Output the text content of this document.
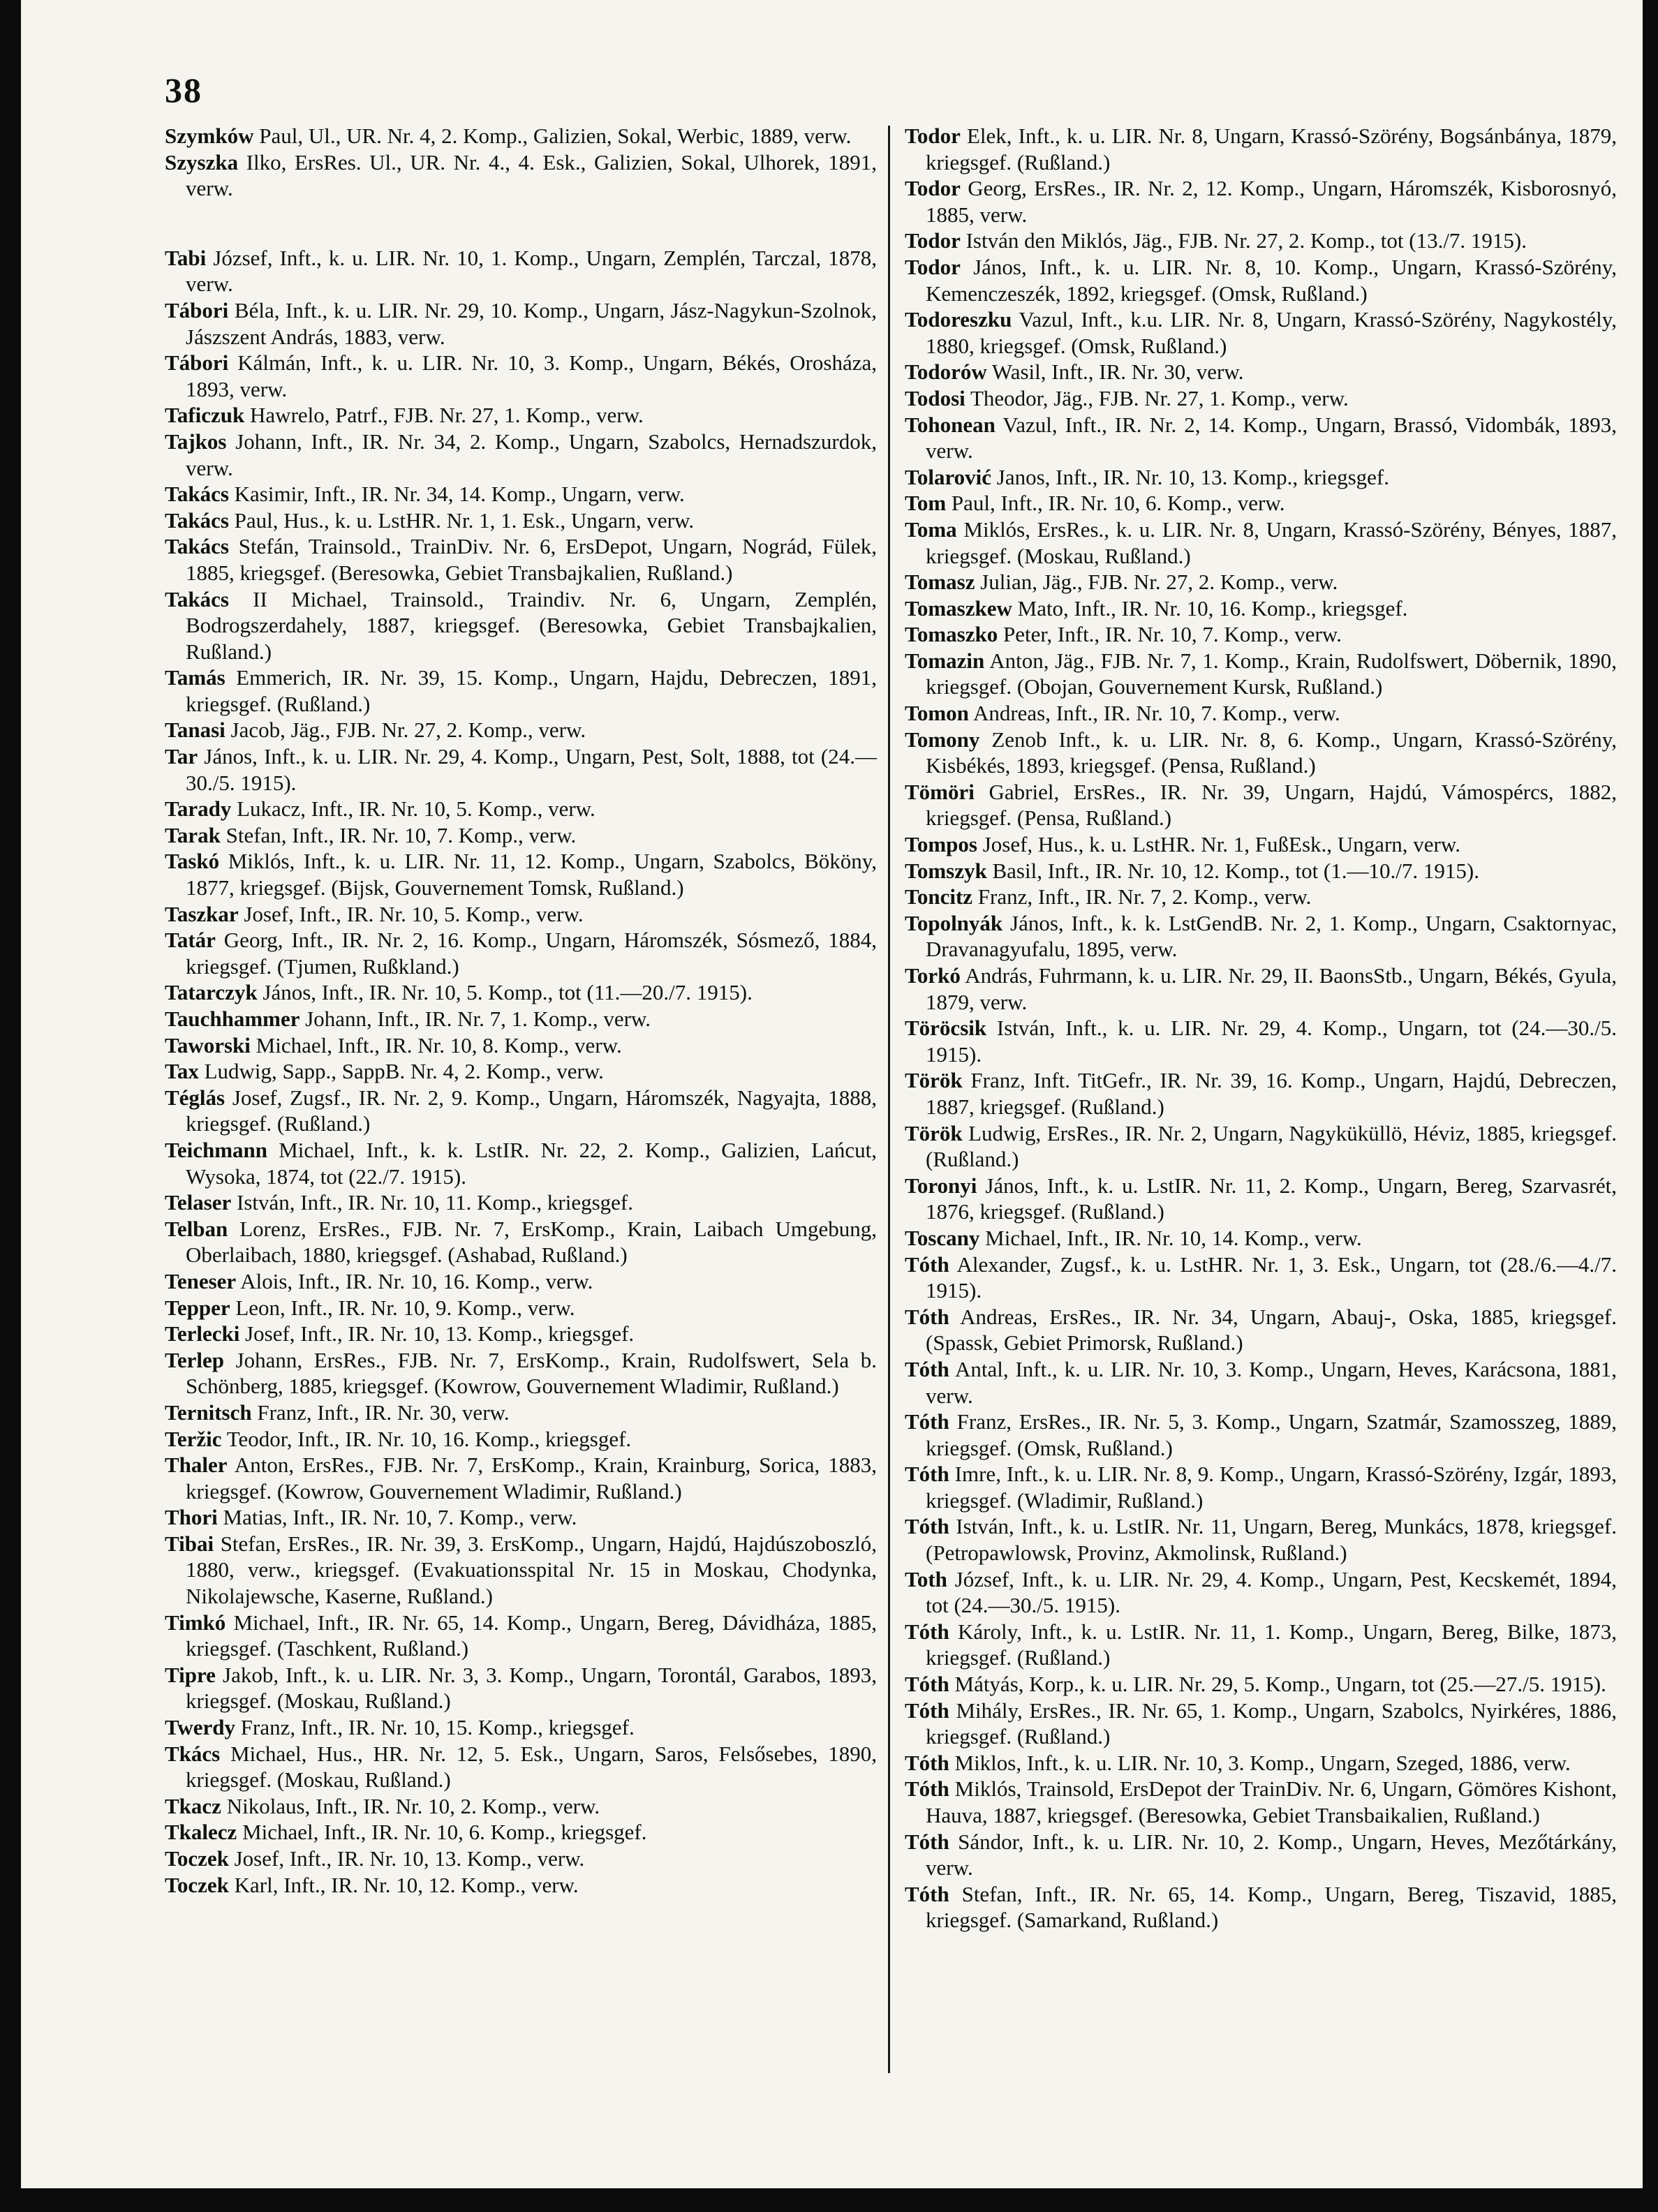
38

Szymków Paul, Ul., UR. Nr. 4, 2. Komp., Galizien, Sokal, Werbic, 1889, verw.

Szyszka Ilko, ErsRes. Ul., UR. Nr. 4., 4. Esk., Galizien, Sokal, Ulhorek, 1891, verw.

Tabi József, Inft., k. u. LIR. Nr. 10, 1. Komp., Ungarn, Zemplén, Tarczal, 1878, verw.

Tábori Béla, Inft., k. u. LIR. Nr. 29, 10. Komp., Ungarn, Jász-Nagykun-Szolnok, Jászszent András, 1883, verw.

Tábori Kálmán, Inft., k. u. LIR. Nr. 10, 3. Komp., Ungarn, Békés, Orosháza, 1893, verw.

Taficzuk Hawrelo, Patrf., FJB. Nr. 27, 1. Komp., verw.

Tajkos Johann, Inft., IR. Nr. 34, 2. Komp., Ungarn, Szabolcs, Hernadszurdok, verw.

Takács Kasimir, Inft., IR. Nr. 34, 14. Komp., Ungarn, verw.

Takács Paul, Hus., k. u. LstHR. Nr. 1, 1. Esk., Ungarn, verw.

Takács Stefán, Trainsold., TrainDiv. Nr. 6, ErsDepot, Ungarn, Nográd, Fülek, 1885, kriegsgef. (Beresowka, Gebiet Transbajkalien, Rußland.)

Takács II Michael, Trainsold., Traindiv. Nr. 6, Ungarn, Zemplén, Bodrogszerdahely, 1887, kriegsgef. (Beresowka, Gebiet Transbajkalien, Rußland.)

Tamás Emmerich, IR. Nr. 39, 15. Komp., Ungarn, Hajdu, Debreczen, 1891, kriegsgef. (Rußland.)

Tanasi Jacob, Jäg., FJB. Nr. 27, 2. Komp., verw.

Tar János, Inft., k. u. LIR. Nr. 29, 4. Komp., Ungarn, Pest, Solt, 1888, tot (24.—30./5. 1915).

Tarady Lukacz, Inft., IR. Nr. 10, 5. Komp., verw.

Tarak Stefan, Inft., IR. Nr. 10, 7. Komp., verw.

Taskó Miklós, Inft., k. u. LIR. Nr. 11, 12. Komp., Ungarn, Szabolcs, Bököny, 1877, kriegsgef. (Bijsk, Gouvernement Tomsk, Rußland.)

Taszkar Josef, Inft., IR. Nr. 10, 5. Komp., verw.

Tatár Georg, Inft., IR. Nr. 2, 16. Komp., Ungarn, Háromszék, Sósmező, 1884, kriegsgef. (Tjumen, Rußkland.)

Tatarczyk János, Inft., IR. Nr. 10, 5. Komp., tot (11.—20./7. 1915).

Tauchhammer Johann, Inft., IR. Nr. 7, 1. Komp., verw.

Taworski Michael, Inft., IR. Nr. 10, 8. Komp., verw.

Tax Ludwig, Sapp., SappB. Nr. 4, 2. Komp., verw.

Téglás Josef, Zugsf., IR. Nr. 2, 9. Komp., Ungarn, Háromszék, Nagyajta, 1888, kriegsgef. (Rußland.)

Teichmann Michael, Inft., k. k. LstIR. Nr. 22, 2. Komp., Galizien, Lańcut, Wysoka, 1874, tot (22./7. 1915).

Telaser István, Inft., IR. Nr. 10, 11. Komp., kriegsgef.

Telban Lorenz, ErsRes., FJB. Nr. 7, ErsKomp., Krain, Laibach Umgebung, Oberlaibach, 1880, kriegsgef. (Ashabad, Rußland.)

Teneser Alois, Inft., IR. Nr. 10, 16. Komp., verw.

Tepper Leon, Inft., IR. Nr. 10, 9. Komp., verw.

Terlecki Josef, Inft., IR. Nr. 10, 13. Komp., kriegsgef.

Terlep Johann, ErsRes., FJB. Nr. 7, ErsKomp., Krain, Rudolfswert, Sela b. Schönberg, 1885, kriegsgef. (Kowrow, Gouvernement Wladimir, Rußland.)

Ternitsch Franz, Inft., IR. Nr. 30, verw.

Teržic Teodor, Inft., IR. Nr. 10, 16. Komp., kriegsgef.

Thaler Anton, ErsRes., FJB. Nr. 7, ErsKomp., Krain, Krainburg, Sorica, 1883, kriegsgef. (Kowrow, Gouvernement Wladimir, Rußland.)

Thori Matias, Inft., IR. Nr. 10, 7. Komp., verw.

Tibai Stefan, ErsRes., IR. Nr. 39, 3. ErsKomp., Ungarn, Hajdú, Hajdúszoboszló, 1880, verw., kriegsgef. (Evakuationsspital Nr. 15 in Moskau, Chodynka, Nikolajewsche, Kaserne, Rußland.)

Timkó Michael, Inft., IR. Nr. 65, 14. Komp., Ungarn, Bereg, Dávidháza, 1885, kriegsgef. (Taschkent, Rußland.)

Tipre Jakob, Inft., k. u. LIR. Nr. 3, 3. Komp., Ungarn, Torontál, Garabos, 1893, kriegsgef. (Moskau, Rußland.)

Twerdy Franz, Inft., IR. Nr. 10, 15. Komp., kriegsgef.

Tkács Michael, Hus., HR. Nr. 12, 5. Esk., Ungarn, Saros, Felsősebes, 1890, kriegsgef. (Moskau, Rußland.)

Tkacz Nikolaus, Inft., IR. Nr. 10, 2. Komp., verw.

Tkalecz Michael, Inft., IR. Nr. 10, 6. Komp., kriegsgef.

Toczek Josef, Inft., IR. Nr. 10, 13. Komp., verw.

Toczek Karl, Inft., IR. Nr. 10, 12. Komp., verw.

Todor Elek, Inft., k. u. LIR. Nr. 8, Ungarn, Krassó-Szörény, Bogsánbánya, 1879, kriegsgef. (Rußland.)

Todor Georg, ErsRes., IR. Nr. 2, 12. Komp., Ungarn, Háromszék, Kisborosnyó, 1885, verw.

Todor István den Miklós, Jäg., FJB. Nr. 27, 2. Komp., tot (13./7. 1915).

Todor János, Inft., k. u. LIR. Nr. 8, 10. Komp., Ungarn, Krassó-Szörény, Kemenczeszék, 1892, kriegsgef. (Omsk, Rußland.)

Todoreszku Vazul, Inft., k.u. LIR. Nr. 8, Ungarn, Krassó-Szörény, Nagykostély, 1880, kriegsgef. (Omsk, Rußland.)

Todorów Wasil, Inft., IR. Nr. 30, verw.

Todosi Theodor, Jäg., FJB. Nr. 27, 1. Komp., verw.

Tohonean Vazul, Inft., IR. Nr. 2, 14. Komp., Ungarn, Brassó, Vidombák, 1893, verw.

Tolarović Janos, Inft., IR. Nr. 10, 13. Komp., kriegsgef.

Tom Paul, Inft., IR. Nr. 10, 6. Komp., verw.

Toma Miklós, ErsRes., k. u. LIR. Nr. 8, Ungarn, Krassó-Szörény, Bényes, 1887, kriegsgef. (Moskau, Rußland.)

Tomasz Julian, Jäg., FJB. Nr. 27, 2. Komp., verw.

Tomaszkew Mato, Inft., IR. Nr. 10, 16. Komp., kriegsgef.

Tomaszko Peter, Inft., IR. Nr. 10, 7. Komp., verw.

Tomazin Anton, Jäg., FJB. Nr. 7, 1. Komp., Krain, Rudolfswert, Döbernik, 1890, kriegsgef. (Obojan, Gouvernement Kursk, Rußland.)

Tomon Andreas, Inft., IR. Nr. 10, 7. Komp., verw.

Tomony Zenob Inft., k. u. LIR. Nr. 8, 6. Komp., Ungarn, Krassó-Szörény, Kisbékés, 1893, kriegsgef. (Pensa, Rußland.)

Tömöri Gabriel, ErsRes., IR. Nr. 39, Ungarn, Hajdú, Vámospércs, 1882, kriegsgef. (Pensa, Rußland.)

Tompos Josef, Hus., k. u. LstHR. Nr. 1, FußEsk., Ungarn, verw.

Tomszyk Basil, Inft., IR. Nr. 10, 12. Komp., tot (1.—10./7. 1915).

Toncitz Franz, Inft., IR. Nr. 7, 2. Komp., verw.

Topolnyák János, Inft., k. k. LstGendB. Nr. 2, 1. Komp., Ungarn, Csaktornyac, Dravanagyufalu, 1895, verw.

Torkó András, Fuhrmann, k. u. LIR. Nr. 29, II. BaonsStb., Ungarn, Békés, Gyula, 1879, verw.

Töröcsik István, Inft., k. u. LIR. Nr. 29, 4. Komp., Ungarn, tot (24.—30./5. 1915).

Török Franz, Inft. TitGefr., IR. Nr. 39, 16. Komp., Ungarn, Hajdú, Debreczen, 1887, kriegsgef. (Rußland.)

Török Ludwig, ErsRes., IR. Nr. 2, Ungarn, Nagyküküllö, Héviz, 1885, kriegsgef. (Rußland.)

Toronyi János, Inft., k. u. LstIR. Nr. 11, 2. Komp., Ungarn, Bereg, Szarvasrét, 1876, kriegsgef. (Rußland.)

Toscany Michael, Inft., IR. Nr. 10, 14. Komp., verw.

Tóth Alexander, Zugsf., k. u. LstHR. Nr. 1, 3. Esk., Ungarn, tot (28./6.—4./7. 1915).

Tóth Andreas, ErsRes., IR. Nr. 34, Ungarn, Abauj-, Oska, 1885, kriegsgef. (Spassk, Gebiet Primorsk, Rußland.)

Tóth Antal, Inft., k. u. LIR. Nr. 10, 3. Komp., Ungarn, Heves, Karácsona, 1881, verw.

Tóth Franz, ErsRes., IR. Nr. 5, 3. Komp., Ungarn, Szatmár, Szamosszeg, 1889, kriegsgef. (Omsk, Rußland.)

Tóth Imre, Inft., k. u. LIR. Nr. 8, 9. Komp., Ungarn, Krassó-Szörény, Izgár, 1893, kriegsgef. (Wladimir, Rußland.)

Tóth István, Inft., k. u. LstIR. Nr. 11, Ungarn, Bereg, Munkács, 1878, kriegsgef. (Petropawlowsk, Provinz, Akmolinsk, Rußland.)

Toth József, Inft., k. u. LIR. Nr. 29, 4. Komp., Ungarn, Pest, Kecskemét, 1894, tot (24.—30./5. 1915).

Tóth Károly, Inft., k. u. LstIR. Nr. 11, 1. Komp., Ungarn, Bereg, Bilke, 1873, kriegsgef. (Rußland.)

Tóth Mátyás, Korp., k. u. LIR. Nr. 29, 5. Komp., Ungarn, tot (25.—27./5. 1915).

Tóth Mihály, ErsRes., IR. Nr. 65, 1. Komp., Ungarn, Szabolcs, Nyirkéres, 1886, kriegsgef. (Rußland.)

Tóth Miklos, Inft., k. u. LIR. Nr. 10, 3. Komp., Ungarn, Szeged, 1886, verw.

Tóth Miklós, Trainsold, ErsDepot der TrainDiv. Nr. 6, Ungarn, Gömöres Kishont, Hauva, 1887, kriegsgef. (Beresowka, Gebiet Transbaikalien, Rußland.)

Tóth Sándor, Inft., k. u. LIR. Nr. 10, 2. Komp., Ungarn, Heves, Mezőtárkány, verw.

Tóth Stefan, Inft., IR. Nr. 65, 14. Komp., Ungarn, Bereg, Tiszavid, 1885, kriegsgef. (Samarkand, Rußland.)
